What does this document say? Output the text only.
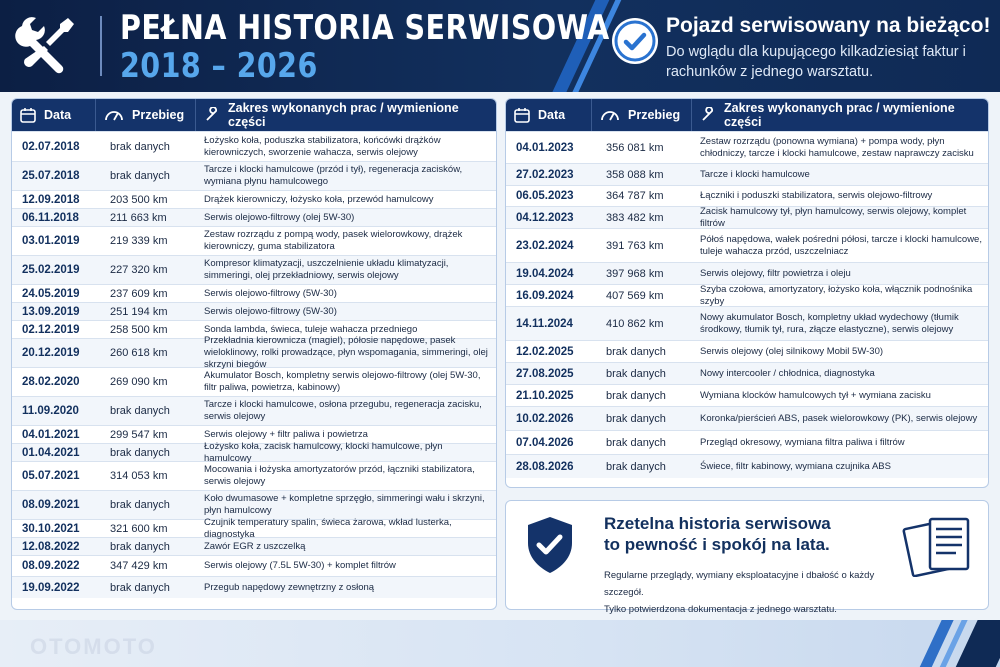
PEŁNA HISTORIA SERWISOWA
2018 – 2026
Pojazd serwisowany na bieżąco!
Do wglądu dla kupującego kilkadziesiąt faktur i rachunków z jednego warsztatu.
Data	Przebieg	Zakres wykonanych prac / wymienione części
02.07.2018	brak danych
Łożysko koła, poduszka stabilizatora, końcówki drążków kierowniczych, sworzenie wahacza, serwis olejowy
25.07.2018	brak danych
Tarcze i klocki hamulcowe (przód i tył), regeneracja zacisków, wymiana płynu hamulcowego
12.09.2018	203 500 km	Drążek kierowniczy, łożysko koła, przewód hamulcowy
06.11.2018	211 663 km	Serwis olejowo-filtrowy (olej 5W-30)
03.01.2019	219 339 km
Zestaw rozrządu z pompą wody, pasek wielorowkowy, drążek kierowniczy, guma stabilizatora
25.02.2019	227 320 km
Kompresor klimatyzacji, uszczelnienie układu klimatyzacji, simmeringi, olej przekładniowy, serwis olejowy
24.05.2019	237 609 km	Serwis olejowo-filtrowy (5W-30)
13.09.2019	251 194 km	Serwis olejowo-filtrowy (5W-30)
02.12.2019	258 500 km	Sonda lambda, świeca, tuleje wahacza przedniego
20.12.2019	260 618 km
Przekładnia kierownicza (magiel), półosie napędowe, pasek wieloklinowy, rolki prowadzące, płyn wspomagania, simmeringi, olej skrzyni biegów
28.02.2020	269 090 km
Akumulator Bosch, kompletny serwis olejowo-filtrowy (olej 5W-30, filtr paliwa, powietrza, kabinowy)
11.09.2020	brak danych
Tarcze i klocki hamulcowe, osłona przegubu, regeneracja zacisku, serwis olejowy
04.01.2021	299 547 km	Serwis olejowy + filtr paliwa i powietrza
01.04.2021	brak danych
Łożysko koła, zacisk hamulcowy, klocki hamulcowe, płyn hamulcowy
05.07.2021	314 053 km
Mocowania i łożyska amortyzatorów przód, łączniki stabilizatora, serwis olejowy
08.09.2021	brak danych
Koło dwumasowe + kompletne sprzęgło, simmeringi wału i skrzyni, płyn hamulcowy
30.10.2021	321 600 km
Czujnik temperatury spalin, świeca żarowa, wkład lusterka, diagnostyka
12.08.2022	brak danych	Zawór EGR z uszczelką
08.09.2022	347 429 km	Serwis olejowy (7.5L 5W-30) + komplet filtrów
19.09.2022	brak danych	Przegub napędowy zewnętrzny z osłoną
Data	Przebieg	Zakres wykonanych prac / wymienione części
04.01.2023	356 081 km
Zestaw rozrządu (ponowna wymiana) + pompa wody, płyn chłodniczy, tarcze i klocki hamulcowe, zestaw naprawczy zacisku
27.02.2023	358 088 km	Tarcze i klocki hamulcowe
06.05.2023	364 787 km	Łączniki i poduszki stabilizatora, serwis olejowo-filtrowy
04.12.2023	383 482 km
Zacisk hamulcowy tył, płyn hamulcowy, serwis olejowy, komplet filtrów
23.02.2024	391 763 km
Półoś napędowa, wałek pośredni półosi, tarcze i klocki hamulcowe, tuleje wahacza przód, uszczelniacz
19.04.2024	397 968 km	Serwis olejowy, filtr powietrza i oleju
16.09.2024	407 569 km
Szyba czołowa, amortyzatory, łożysko koła, włącznik podnośnika szyby
14.11.2024	410 862 km
Nowy akumulator Bosch, kompletny układ wydechowy (tłumik środkowy, tłumik tył, rura, złącze elastyczne), serwis olejowy
12.02.2025	brak danych	Serwis olejowy (olej silnikowy Mobil 5W-30)
27.08.2025	brak danych	Nowy intercooler / chłodnica, diagnostyka
21.10.2025	brak danych	Wymiana klocków hamulcowych tył + wymiana zacisku
10.02.2026	brak danych	Koronka/pierścień ABS, pasek wielorowkowy (PK), serwis olejowy
07.04.2026	brak danych	Przegląd okresowy, wymiana filtra paliwa i filtrów
28.08.2026	brak danych	Świece, filtr kabinowy, wymiana czujnika ABS
Rzetelna historia serwisowa
to pewność i spokój na lata.
Regularne przeglądy, wymiany eksploatacyjne i dbałość o każdy szczegół.
Tylko potwierdzona dokumentacja z jednego warsztatu.
OTOMOTO
